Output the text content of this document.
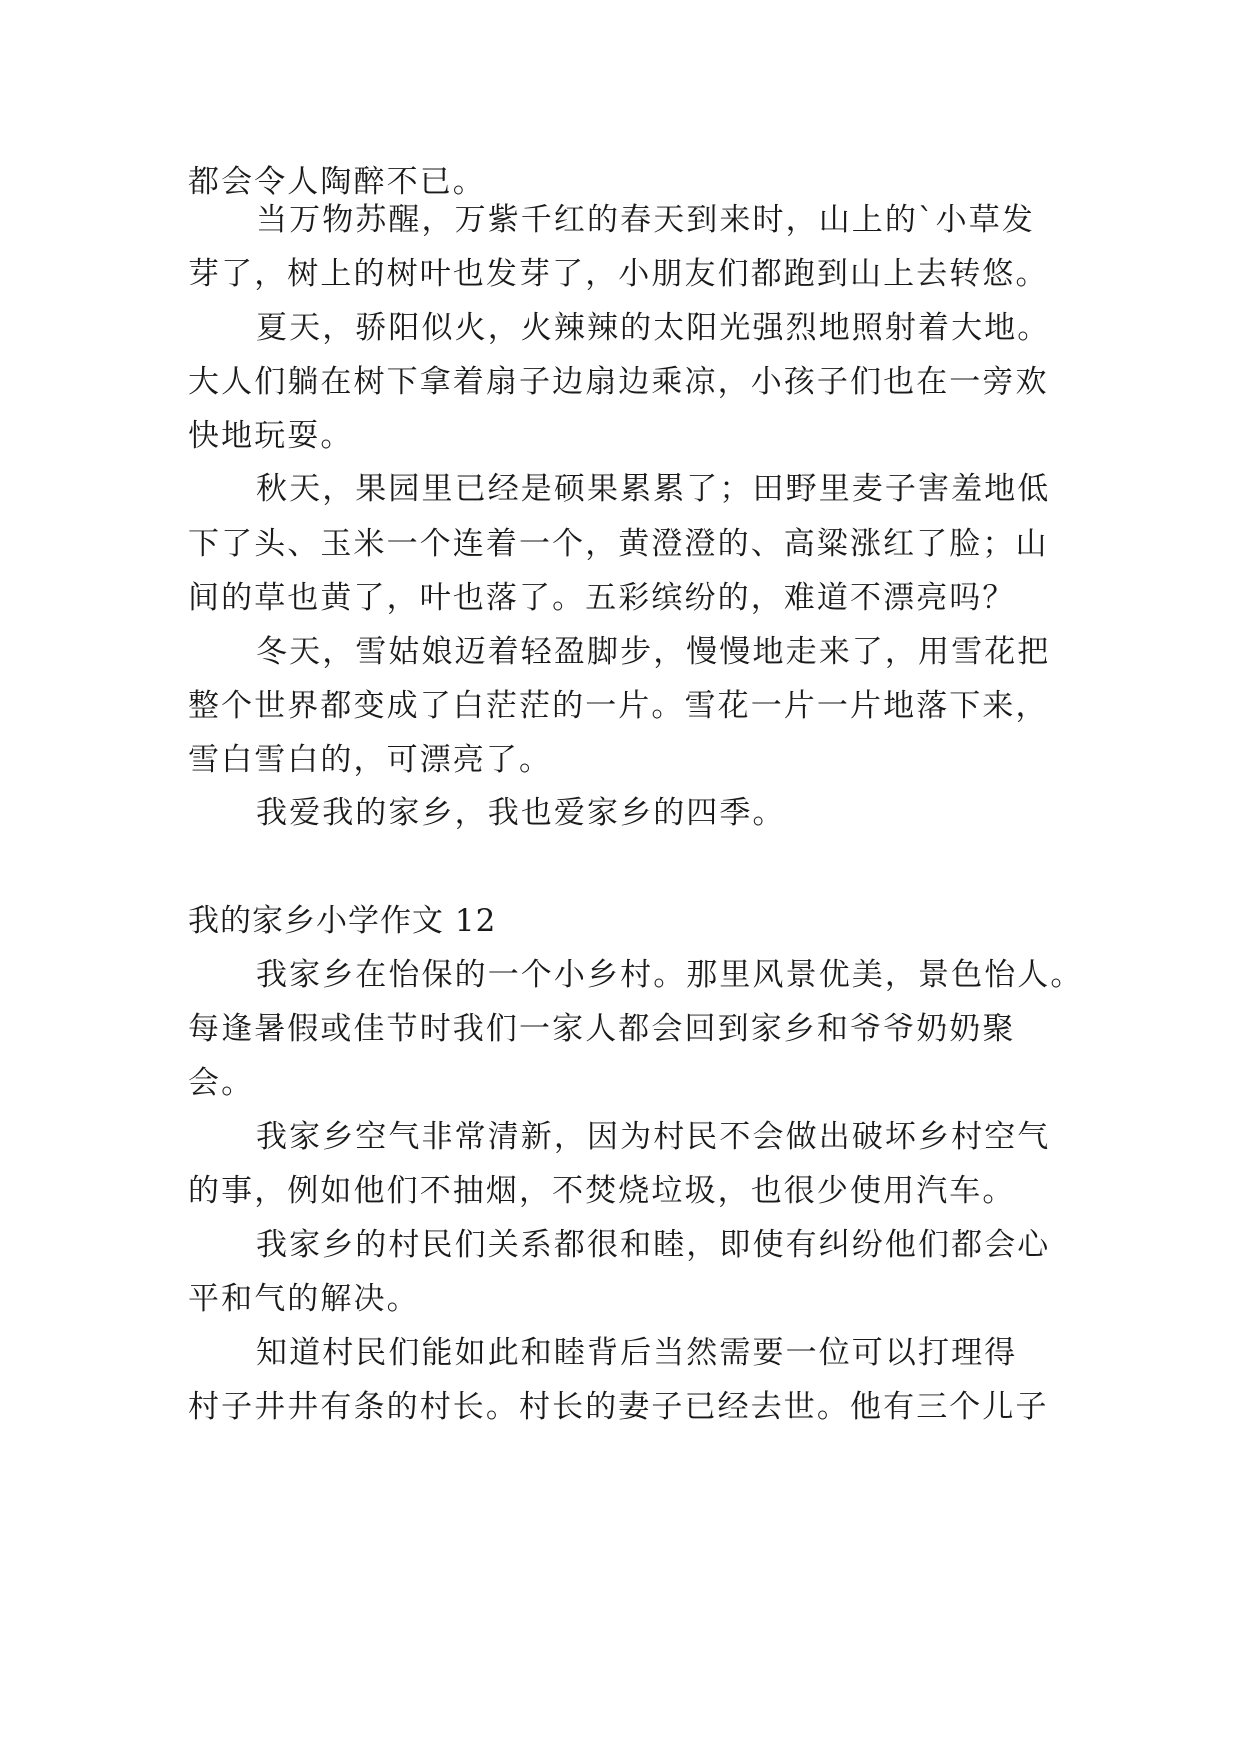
都会令人陶醉不已。
当万物苏醒，万紫千红的春天到来时，山上的`小草发
芽了，树上的树叶也发芽了，小朋友们都跑到山上去转悠。
夏天，骄阳似火，火辣辣的太阳光强烈地照射着大地。
大人们躺在树下拿着扇子边扇边乘凉，小孩子们也在一旁欢
快地玩耍。
秋天，果园里已经是硕果累累了；田野里麦子害羞地低
下了头、玉米一个连着一个，黄澄澄的、高粱涨红了脸；山
间的草也黄了，叶也落了。五彩缤纷的，难道不漂亮吗？
冬天，雪姑娘迈着轻盈脚步，慢慢地走来了，用雪花把
整个世界都变成了白茫茫的一片。雪花一片一片地落下来，
雪白雪白的，可漂亮了。
我爱我的家乡，我也爱家乡的四季。
我的家乡小学作文 12
我家乡在怡保的一个小乡村。那里风景优美，景色怡人。
每逢暑假或佳节时我们一家人都会回到家乡和爷爷奶奶聚
会。
我家乡空气非常清新，因为村民不会做出破坏乡村空气
的事，例如他们不抽烟，不焚烧垃圾，也很少使用汽车。
我家乡的村民们关系都很和睦，即使有纠纷他们都会心
平和气的解决。
知道村民们能如此和睦背后当然需要一位可以打理得
村子井井有条的村长。村长的妻子已经去世。他有三个儿子
